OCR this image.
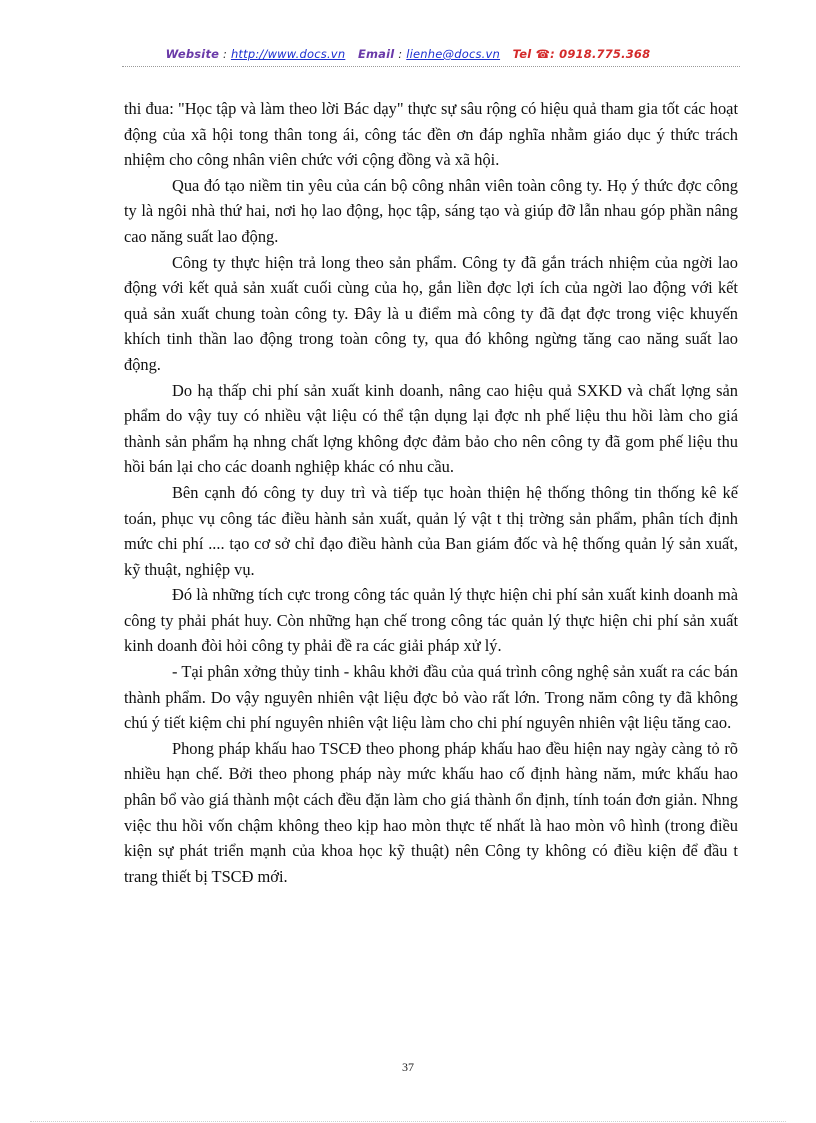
Website : http://www.docs.vn Email : lienhe@docs.vn Tel ☎: 0918.775.368

thi đua: "Học tập và làm theo lời Bác dạy" thực sự sâu rộng có hiệu quả tham gia tốt các hoạt động của xã hội tong thân tong ái, công tác đền ơn đáp nghĩa nhằm giáo dục ý thức trách nhiệm cho công nhân viên chức với cộng đồng và xã hội.

Qua đó tạo niềm tin yêu của cán bộ công nhân viên toàn công ty. Họ ý thức đợc công ty là ngôi nhà thứ hai, nơi họ lao động, học tập, sáng tạo và giúp đỡ lẫn nhau góp phần nâng cao năng suất lao động.

Công ty thực hiện trả long theo sản phẩm. Công ty đã gắn trách nhiệm của ngời lao động với kết quả sản xuất cuối cùng của họ, gắn liền đợc lợi ích của ngời lao động với kết quả sản xuất chung toàn công ty. Đây là u điểm mà công ty đã đạt đợc trong việc khuyến khích tinh thần lao động trong toàn công ty, qua đó không ngừng tăng cao năng suất lao động.

Do hạ thấp chi phí sản xuất kinh doanh, nâng cao hiệu quả SXKD và chất lợng sản phẩm do vậy tuy có nhiều vật liệu có thể tận dụng lại đợc nh phế liệu thu hồi làm cho giá thành sản phẩm hạ nhng chất lợng không đợc đảm bảo cho nên công ty đã gom phế liệu thu hồi bán lại cho các doanh nghiệp khác có nhu cầu.

Bên cạnh đó công ty duy trì và tiếp tục hoàn thiện hệ thống thông tin thống kê kế toán, phục vụ công tác điều hành sản xuất, quản lý vật t thị trờng sản phẩm, phân tích định mức chi phí .... tạo cơ sở chỉ đạo điều hành của Ban giám đốc và hệ thống quản lý sản xuất, kỹ thuật, nghiệp vụ.

Đó là những tích cực trong công tác quản lý thực hiện chi phí sản xuất kinh doanh mà công ty phải phát huy. Còn những hạn chế trong công tác quản lý thực hiện chi phí sản xuất kinh doanh đòi hỏi công ty phải đề ra các giải pháp xử lý.

- Tại phân xởng thủy tinh - khâu khởi đầu của quá trình công nghệ sản xuất ra các bán thành phẩm. Do vậy nguyên nhiên vật liệu đợc bỏ vào rất lớn. Trong năm công ty đã không chú ý tiết kiệm chi phí nguyên nhiên vật liệu làm cho chi phí nguyên nhiên vật liệu tăng cao.

Phong pháp khấu hao TSCĐ theo phong pháp khấu hao đều hiện nay ngày càng tỏ rõ nhiều hạn chế. Bởi theo phong pháp này mức khấu hao cố định hàng năm, mức khấu hao phân bổ vào giá thành một cách đều đặn làm cho giá thành ổn định, tính toán đơn giản. Nhng việc thu hồi vốn chậm không theo kịp hao mòn thực tế nhất là hao mòn vô hình (trong điều kiện sự phát triển mạnh của khoa học kỹ thuật) nên Công ty không có điều kiện để đầu t trang thiết bị TSCĐ mới.

37
